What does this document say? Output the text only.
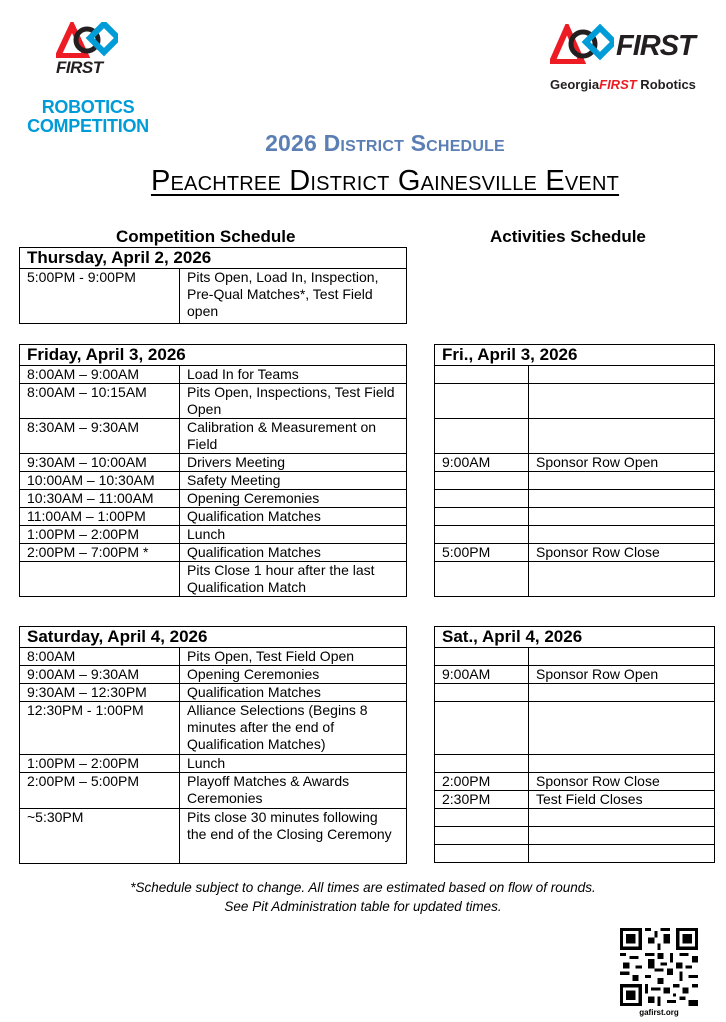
FIRST
ROBOTICS
COMPETITION
FIRST
GeorgiaFIRST Robotics
2026 District Schedule
Peachtree District Gainesville Event
Competition Schedule	Activities Schedule
Thursday, April 2, 2026
5:00PM - 9:00PM	Pits Open, Load In, Inspection, Pre-Qual Matches*, Test Field open
Friday, April 3, 2026	
8:00AM – 9:00AM	Load In for Teams
8:00AM – 10:15AM	Pits Open, Inspections, Test Field Open
8:30AM – 9:30AM	Calibration & Measurement on Field
9:30AM – 10:00AM	Drivers Meeting
10:00AM – 10:30AM	Safety Meeting
10:30AM – 11:00AM	Opening Ceremonies
11:00AM – 1:00PM	Qualification Matches
1:00PM – 2:00PM	Lunch
2:00PM – 7:00PM *	Qualification Matches
	Pits Close 1 hour after the last Qualification Match
Fri., April 3, 2026	

9:00AM	Sponsor Row Open

5:00PM	Sponsor Row Close

Saturday, April 4, 2026	
8:00AM	Pits Open, Test Field Open
9:00AM – 9:30AM	Opening Ceremonies
9:30AM – 12:30PM	Qualification Matches
12:30PM - 1:00PM	Alliance Selections (Begins 8 minutes after the end of Qualification Matches)
1:00PM – 2:00PM	Lunch
2:00PM – 5:00PM	Playoff Matches & Awards Ceremonies
~5:30PM	Pits close 30 minutes following the end of the Closing Ceremony
Sat., April 4, 2026	

9:00AM	Sponsor Row Open

2:00PM	Sponsor Row Close
2:30PM	Test Field Closes

*Schedule subject to change. All times are estimated based on flow of rounds.
See Pit Administration table for updated times.
gafirst.org
